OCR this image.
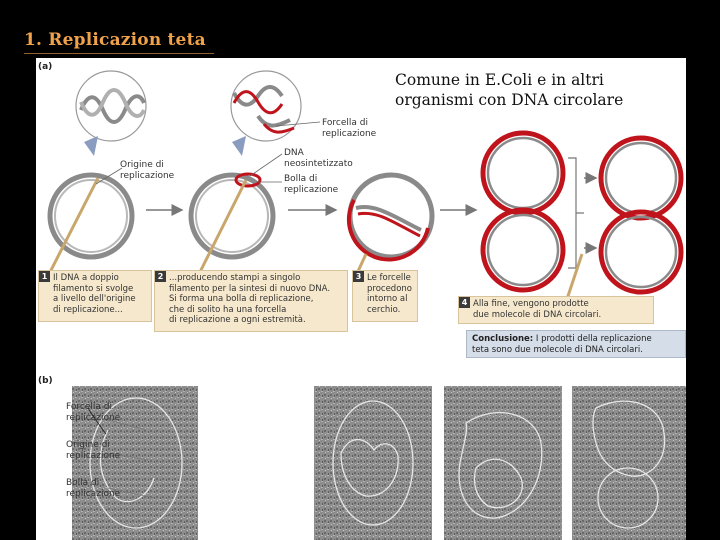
1. Replicazion teta
Comune in E.Coli e in altri
organismi con DNA circolare
(a)
(b)
Origine di
replicazione
Forcella di
replicazione
DNA
neosintetizzato
Bolla di
replicazione
1 Il DNA a doppio
filamento si svolge
a livello dell'origine
di replicazione...
2 ...producendo stampi a singolo
filamento per la sintesi di nuovo DNA.
Si forma una bolla di replicazione,
che di solito ha una forcella
di replicazione a ogni estremità.
3 Le forcelle
procedono
intorno al
cerchio.
4 Alla fine, vengono prodotte
due molecole di DNA circolari.
Conclusione: I prodotti della replicazione
teta sono due molecole di DNA circolari.
Forcella di
replicazione
Origine di
replicazione
Bolla di
replicazione
